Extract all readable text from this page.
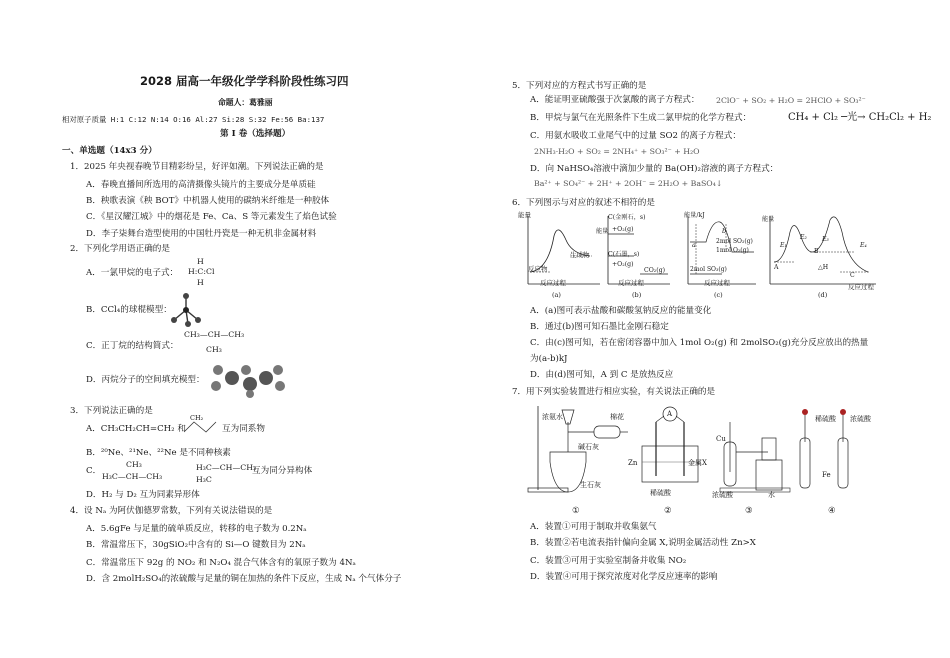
2028 届高一年级化学学科阶段性练习四
命题人：葛雅丽
相对原子质量 H:1 C:12 N:14 O:16 Al:27 Si:28 S:32 Fe:56 Ba:137
第 I 卷（选择题）
一、单选题（14x3 分）
1．2025 年央视春晚节目精彩纷呈，好评如潮。下列说法正确的是
A．春晚直播间所选用的高清摄像头镜片的主要成分是单质硅
B．秧歌表演《秧 BOT》中机器人使用的碳纳米纤维是一种胶体
C．《星汉耀江城》中的烟花是 Fe、Ca、S 等元素发生了焰色试验
D．李子柒舞台造型使用的中国牡丹瓷是一种无机非金属材料
2．下列化学用语正确的是
A．一氯甲烷的电子式：
H
H:C:Cl
H
B．CCl₄的球棍模型：
C．正丁烷的结构简式：
CH₃—CH—CH₃
CH₃
D．丙烷分子的空间填充模型：
3．下列说法正确的是
A．CH₃CH₂CH=CH₂ 和
CH₂
互为同系物
B．²⁰Ne、²¹Ne、²²Ne 是不同种核素
C．
CH₃
H₃C—CH—CH₃
H₃C—CH—CH₃
H₃C
互为同分异构体
D．H₂ 与 D₂ 互为同素异形体
4．设 Nₐ 为阿伏伽德罗常数，下列有关说法错误的是
A．5.6gFe 与足量的硫单质反应，转移的电子数为 0.2Nₐ
B．常温常压下，30gSiO₂中含有的 Si—O 键数目为 2Nₐ
C．常温常压下 92g 的 NO₂ 和 N₂O₄ 混合气体含有的氧原子数为 4Nₐ
D．含 2molH₂SO₄的浓硫酸与足量的铜在加热的条件下反应，生成 Nₐ 个气体分子
5．下列对应的方程式书写正确的是
A．能证明亚硫酸强于次氯酸的离子方程式： 2ClO⁻ + SO₂ + H₂O = 2HClO + SO₃²⁻
B．甲烷与氯气在光照条件下生成二氯甲烷的化学方程式：	CH₄ + Cl₂ ─光→ CH₂Cl₂ + H₂
C．用氨水吸收工业尾气中的过量 SO2 的离子方程式：
2NH₃·H₂O + SO₂ = 2NH₄⁺ + SO₃²⁻ + H₂O
D．向 NaHSO₄溶液中滴加少量的 Ba(OH)₂溶液的离子方程式：
Ba²⁺ + SO₄²⁻ + 2H⁺ + 2OH⁻ = 2H₂O + BaSO₄↓
6．下列图示与对应的叙述不相符的是
能量
反应物
生成物
反应过程
(a)
C(金刚石，s)
+O₂(g)
能量
C(石墨，s)
+O₂(g)
CO₂(g)
反应过程
(b)
能量/kJ
a
b
2mol SO₂(g)
1mol O₂(g)
2mol SO₃(g)
反应过程
(c)
能量
E₁
E₂	E₃
E₄
A
B
C
△H
反应过程
(d)
A．(a)图可表示盐酸和碳酸氢钠反应的能量变化
B．通过(b)图可知石墨比金刚石稳定
C．由(c)图可知，若在密闭容器中加入 1mol O₂(g) 和 2molSO₂(g)充分反应放出的热量
为(a-b)kJ
D．由(d)图可知，A 到 C 是放热反应
7．用下列实验装置进行相应实验，有关说法正确的是
浓氨水	棉花
碱石灰
生石灰
Zn	金属X
稀硫酸
A
Cu
浓硫酸	水
稀硫酸 浓硫酸
Fe
①	②	③	④
A．装置①可用于制取并收集氨气
B．装置②若电流表指针偏向金属 X,说明金属活动性 Zn>X
C．装置③可用于实验室制备并收集 NO₂
D．装置④可用于探究浓度对化学反应速率的影响
